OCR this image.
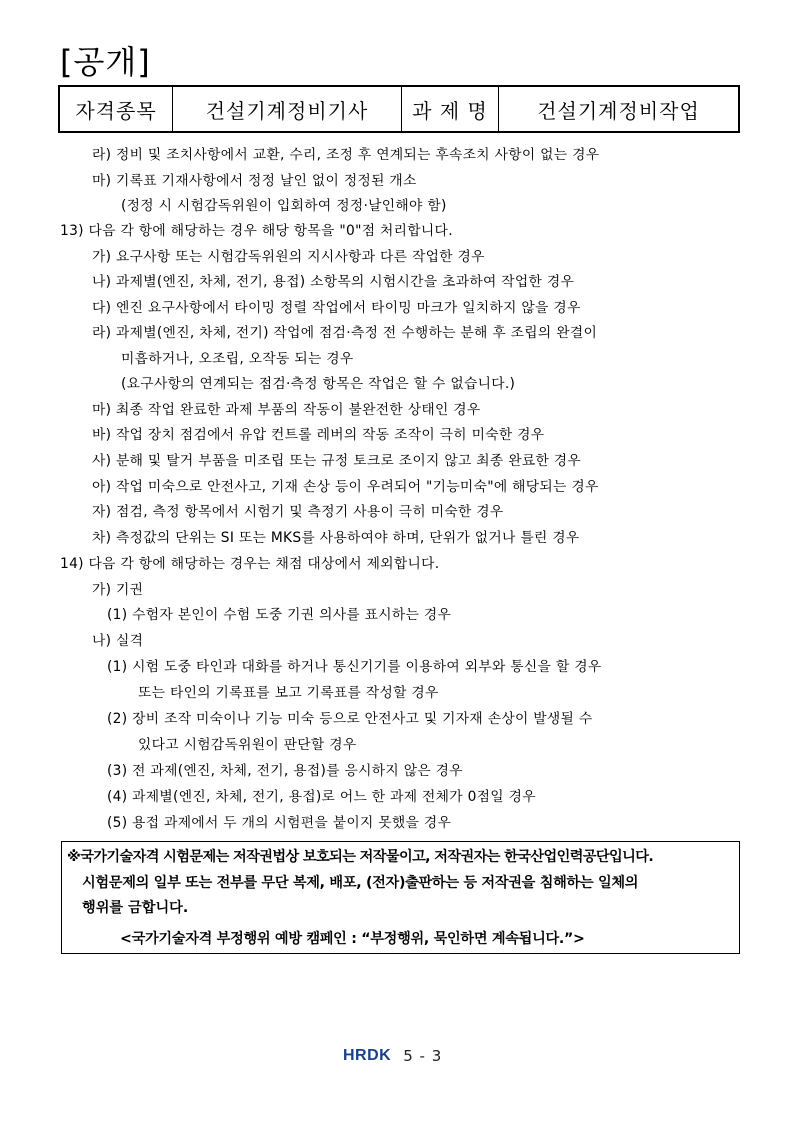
[공개]
자격종목	건설기계정비기사	과 제 명	건설기계정비작업
라) 정비 및 조치사항에서 교환, 수리, 조정 후 연계되는 후속조치 사항이 없는 경우
마) 기록표 기재사항에서 정정 날인 없이 정정된 개소
(정정 시 시험감독위원이 입회하여 정정·날인해야 함)
13) 다음 각 항에 해당하는 경우 해당 항목을 "0"점 처리합니다.
가) 요구사항 또는 시험감독위원의 지시사항과 다른 작업한 경우
나) 과제별(엔진, 차체, 전기, 용접) 소항목의 시험시간을 초과하여 작업한 경우
다) 엔진 요구사항에서 타이밍 정렬 작업에서 타이밍 마크가 일치하지 않을 경우
라) 과제별(엔진, 차체, 전기) 작업에 점검·측정 전 수행하는 분해 후 조립의 완결이
미흡하거나, 오조립, 오작동 되는 경우
(요구사항의 연계되는 점검·측정 항목은 작업은 할 수 없습니다.)
마) 최종 작업 완료한 과제 부품의 작동이 불완전한 상태인 경우
바) 작업 장치 점검에서 유압 컨트롤 레버의 작동 조작이 극히 미숙한 경우
사) 분해 및 탈거 부품을 미조립 또는 규정 토크로 조이지 않고 최종 완료한 경우
아) 작업 미숙으로 안전사고, 기재 손상 등이 우려되어 "기능미숙"에 해당되는 경우
자) 점검, 측정 항목에서 시험기 및 측정기 사용이 극히 미숙한 경우
차) 측정값의 단위는 SI 또는 MKS를 사용하여야 하며, 단위가 없거나 틀린 경우
14) 다음 각 항에 해당하는 경우는 채점 대상에서 제외합니다.
가) 기권
(1) 수험자 본인이 수험 도중 기권 의사를 표시하는 경우
나) 실격
(1) 시험 도중 타인과 대화를 하거나 통신기기를 이용하여 외부와 통신을 할 경우
또는 타인의 기록표를 보고 기록표를 작성할 경우
(2) 장비 조작 미숙이나 기능 미숙 등으로 안전사고 및 기자재 손상이 발생될 수
있다고 시험감독위원이 판단할 경우
(3) 전 과제(엔진, 차체, 전기, 용접)를 응시하지 않은 경우
(4) 과제별(엔진, 차체, 전기, 용접)로 어느 한 과제 전체가 0점일 경우
(5) 용접 과제에서 두 개의 시험편을 붙이지 못했을 경우
※국가기술자격 시험문제는 저작권법상 보호되는 저작물이고, 저작권자는 한국산업인력공단입니다.
시험문제의 일부 또는 전부를 무단 복제, 배포, (전자)출판하는 등 저작권을 침해하는 일체의
행위를 금합니다.
<국가기술자격 부정행위 예방 캠페인 : “부정행위, 묵인하면 계속됩니다.”>
HRDK 5 - 3
